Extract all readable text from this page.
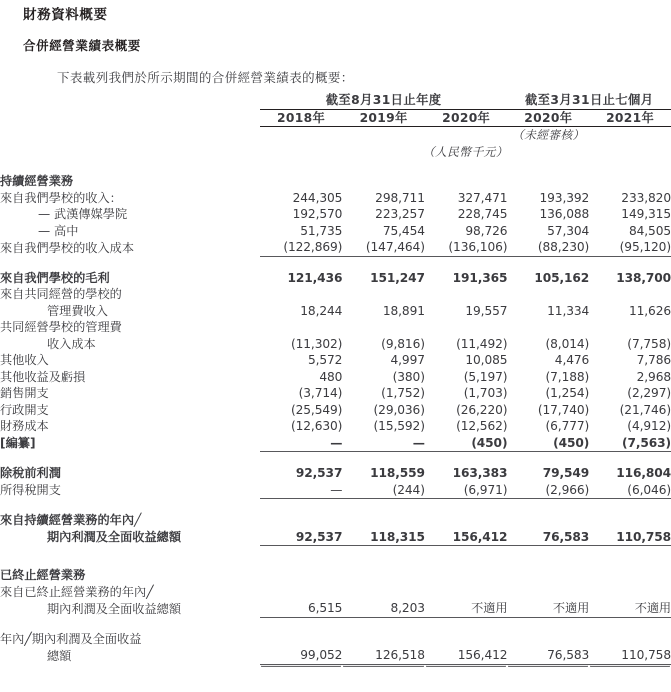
財務資料概要
合併經營業績表概要
下表載列我們於所示期間的合併經營業績表的概要：
	截至8月31日止年度			截至3月31日止七個月	
	2018年	2019年	2020年	2020年	2021年
				（未經審核）	
	（人民幣千元）				

持續經營業務					
來自我們學校的收入：	244,305	298,711	327,471	193,392	233,820
— 武漢傳媒學院	192,570	223,257	228,745	136,088	149,315
— 高中	51,735	75,454	98,726	57,304	84,505
來自我們學校的收入成本	(122,869)	(147,464)	(136,106)	(88,230)	(95,120)

來自我們學校的毛利	121,436	151,247	191,365	105,162	138,700
來自共同經營的學校的					
管理費收入	18,244	18,891	19,557	11,334	11,626
共同經營學校的管理費					
收入成本	(11,302)	(9,816)	(11,492)	(8,014)	(7,758)
其他收入	5,572	4,997	10,085	4,476	7,786
其他收益及虧損	480	(380)	(5,197)	(7,188)	2,968
銷售開支	(3,714)	(1,752)	(1,703)	(1,254)	(2,297)
行政開支	(25,549)	(29,036)	(26,220)	(17,740)	(21,746)
財務成本	(12,630)	(15,592)	(12,562)	(6,777)	(4,912)
[編纂]	—	—	(450)	(450)	(7,563)

除稅前利潤	92,537	118,559	163,383	79,549	116,804
所得稅開支	—	(244)	(6,971)	(2,966)	(6,046)

來自持續經營業務的年內╱					
期內利潤及全面收益總額	92,537	118,315	156,412	76,583	110,758

已終止經營業務					
來自已終止經營業務的年內╱					
期內利潤及全面收益總額	6,515	8,203	不適用	不適用	不適用

年內╱期內利潤及全面收益					
總額	99,052	126,518	156,412	76,583	110,758
